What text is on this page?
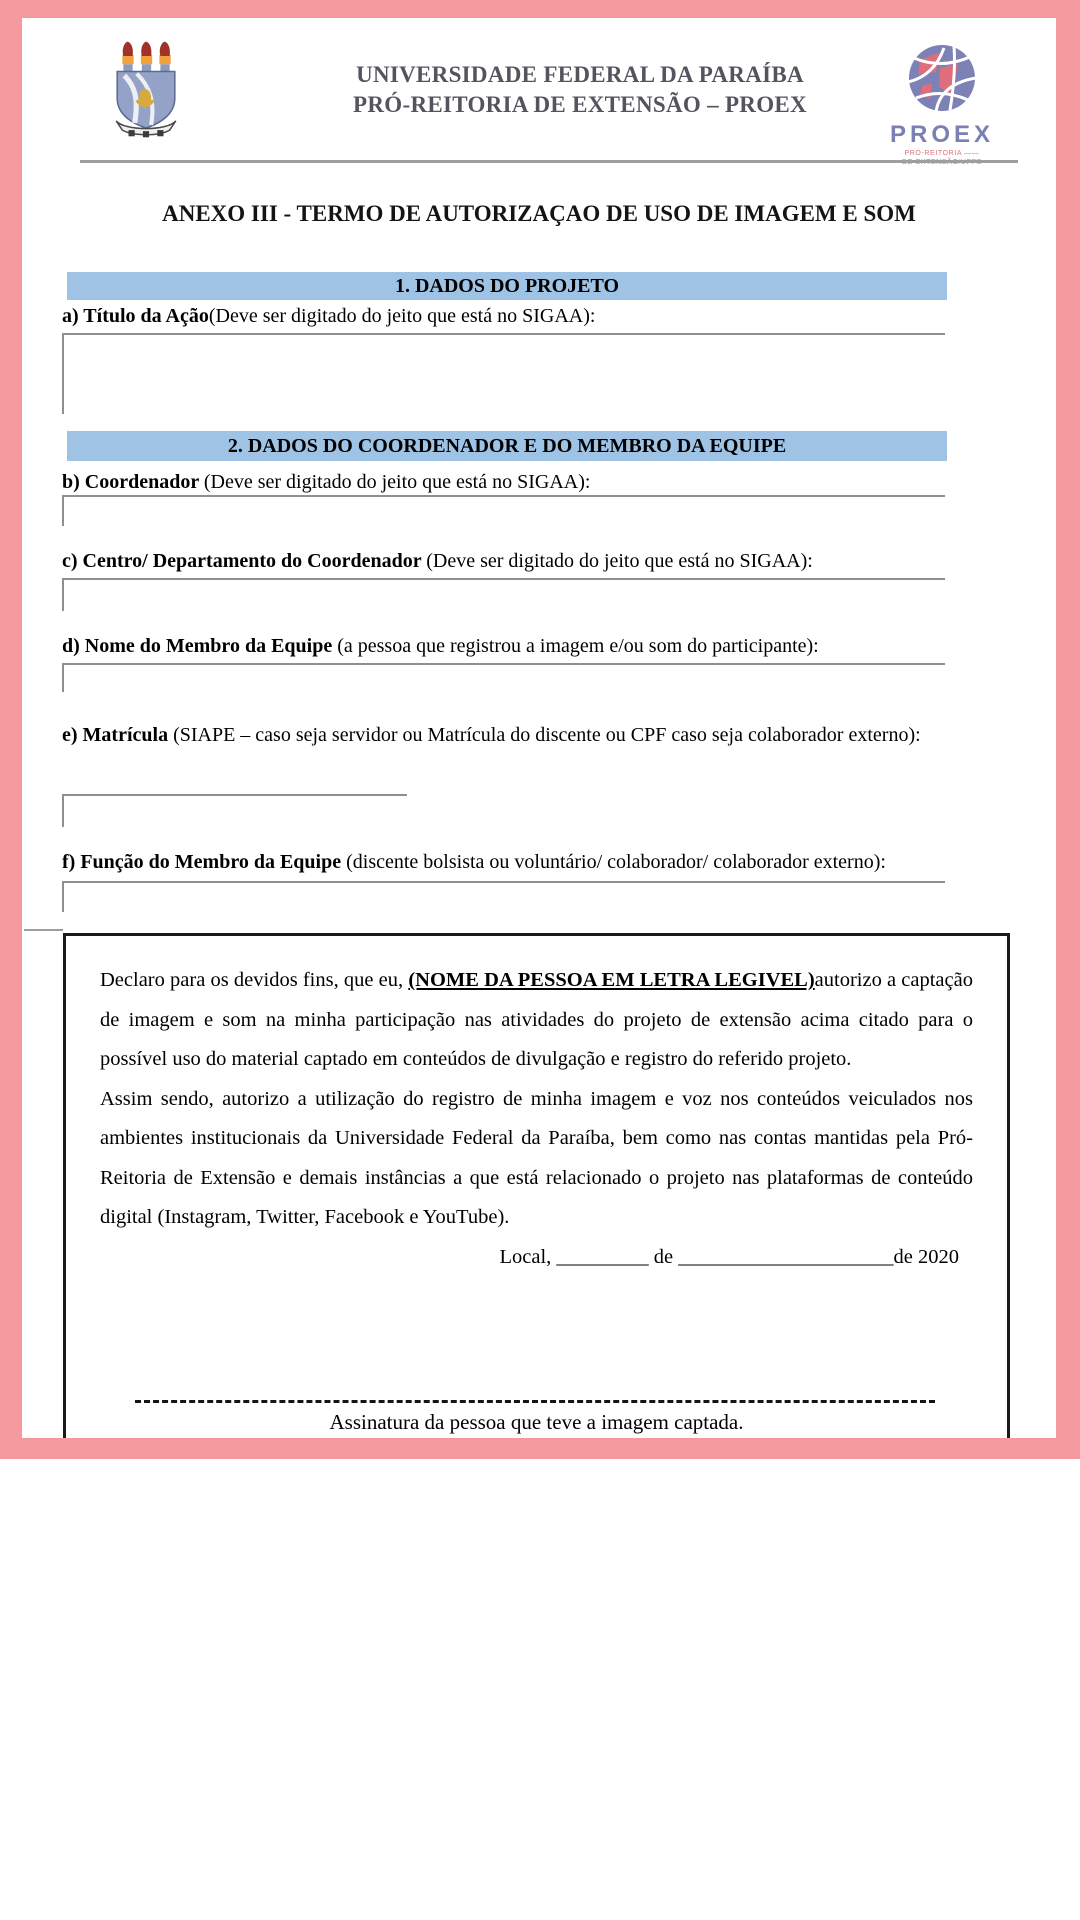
UNIVERSIDADE FEDERAL DA PARAÍBA
PRÓ-REITORIA DE EXTENSÃO – PROEX
PROEX
PRÓ-REITORIA ——
ANEXO III - TERMO DE AUTORIZAÇAO DE USO DE IMAGEM E SOM
1. DADOS DO PROJETO
a) Título da Ação(Deve ser digitado do jeito que está no SIGAA):
2. DADOS DO COORDENADOR E DO MEMBRO DA EQUIPE
b) Coordenador (Deve ser digitado do jeito que está no SIGAA):
c) Centro/ Departamento do Coordenador (Deve ser digitado do jeito que está no SIGAA):
d) Nome do Membro da Equipe (a pessoa que registrou a imagem e/ou som do participante):
e) Matrícula (SIAPE – caso seja servidor ou Matrícula do discente ou CPF caso seja colaborador externo):
f) Função do Membro da Equipe (discente bolsista ou voluntário/ colaborador/ colaborador externo):

Declaro para os devidos fins, que eu, (NOME DA PESSOA EM LETRA LEGIVEL)autorizo a captação de imagem e som na minha participação nas atividades do projeto de extensão acima citado para o possível uso do material captado em conteúdos de divulgação e registro do referido projeto.

Assim sendo, autorizo a utilização do registro de minha imagem e voz nos conteúdos veiculados nos ambientes institucionais da Universidade Federal da Paraíba, bem como nas contas mantidas pela Pró-Reitoria de Extensão e demais instâncias a que está relacionado o projeto nas plataformas de conteúdo digital (Instagram, Twitter, Facebook e YouTube).

Local, _________ de _____________________de 2020

Assinatura da pessoa que teve a imagem captada.
